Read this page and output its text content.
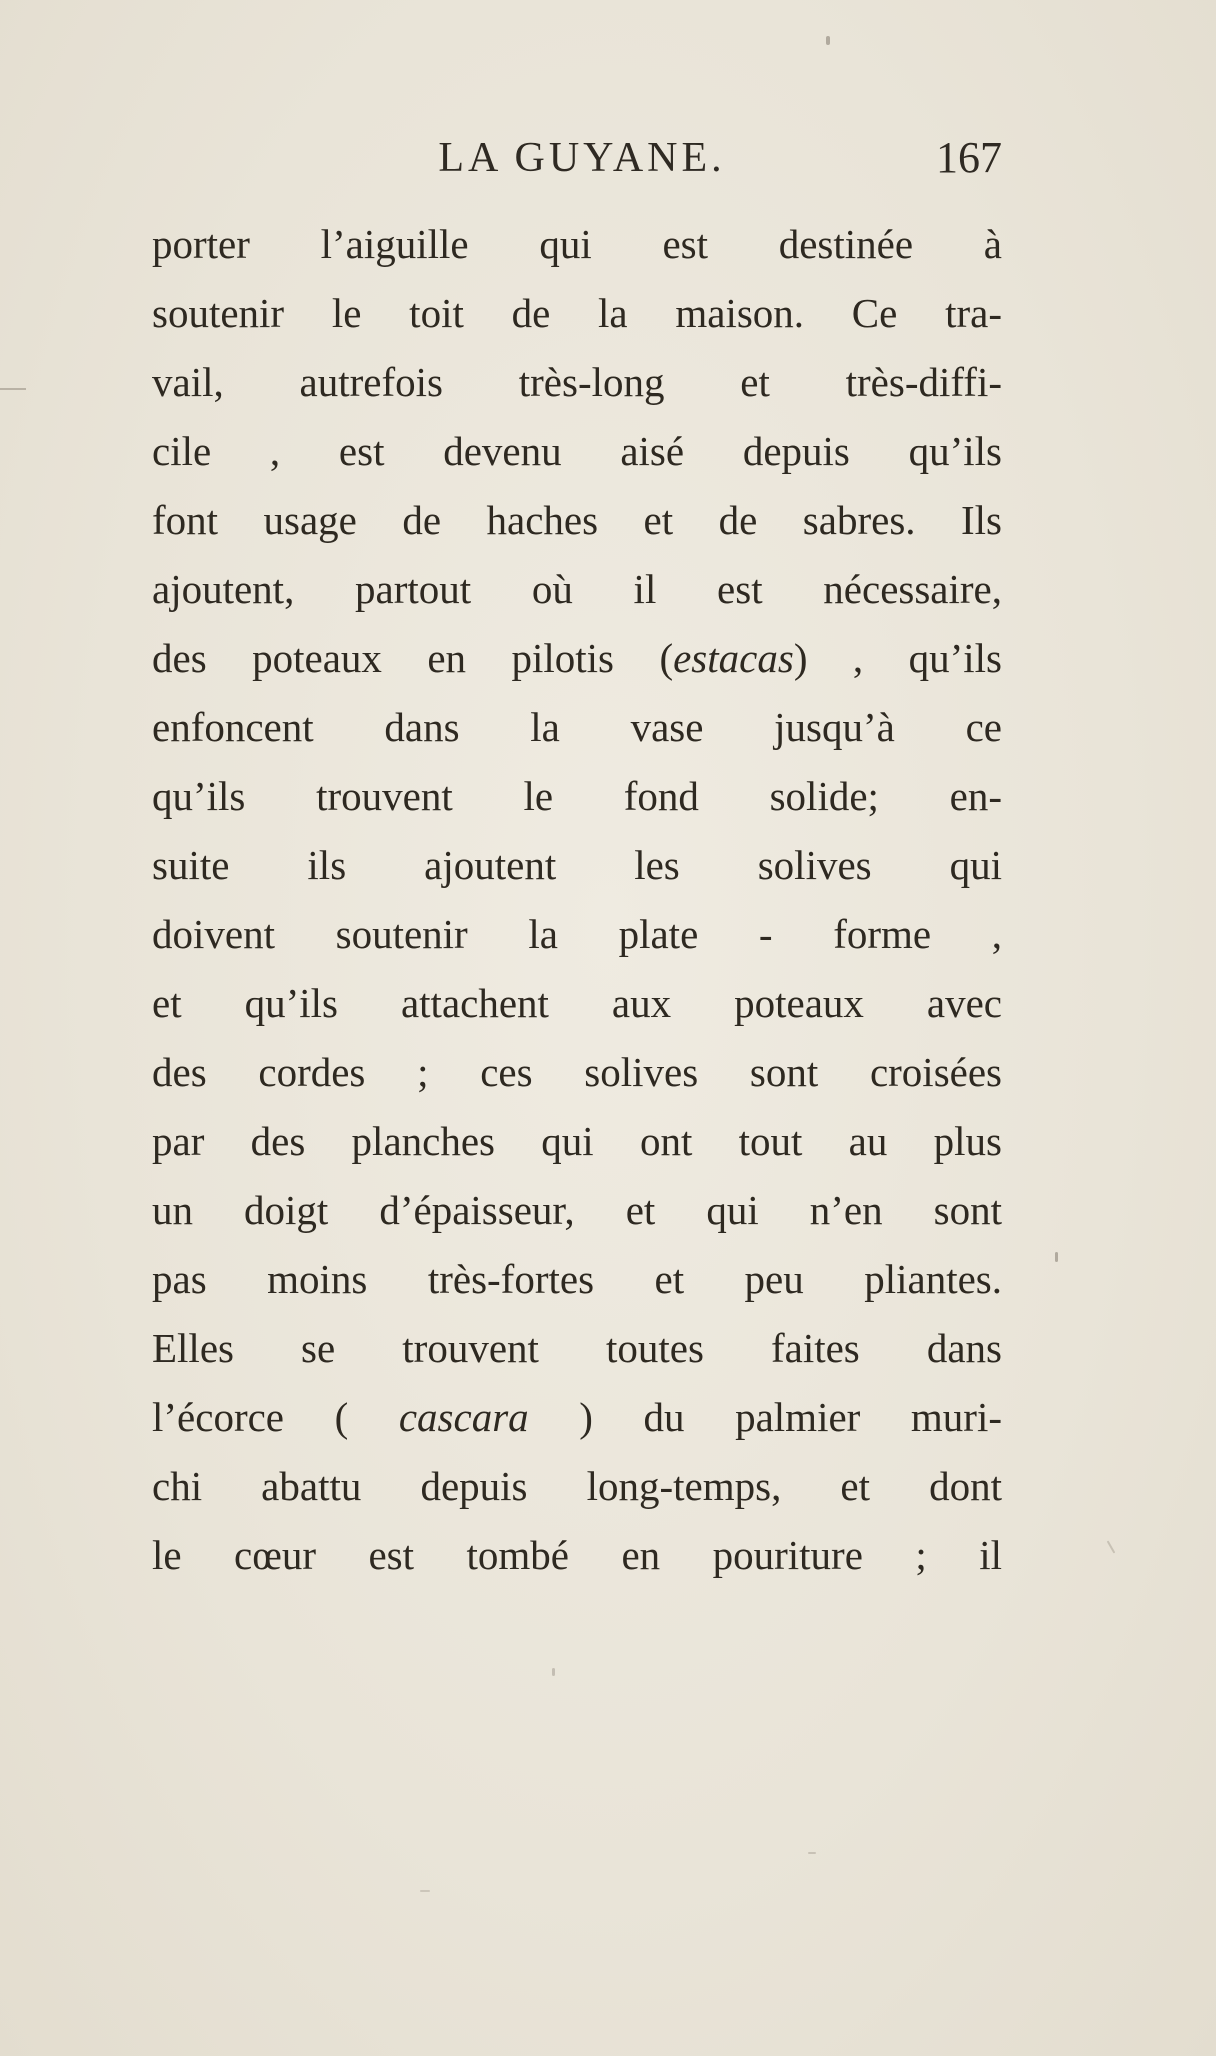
LA GUYANE.	167
porter l’aiguille qui est destinée à
soutenir le toit de la maison. Ce tra-
vail, autrefois très-long et très-diffi-
cile , est devenu aisé depuis qu’ils
font usage de haches et de sabres. Ils
ajoutent, partout où il est nécessaire,
des poteaux en pilotis (estacas) , qu’ils
enfoncent dans la vase jusqu’à ce
qu’ils trouvent le fond solide; en-
suite ils ajoutent les solives qui
doivent soutenir la plate - forme ,
et qu’ils attachent aux poteaux avec
des cordes ; ces solives sont croisées
par des planches qui ont tout au plus
un doigt d’épaisseur, et qui n’en sont
pas moins très-fortes et peu pliantes.
Elles se trouvent toutes faites dans
l’écorce ( cascara ) du palmier muri-
chi abattu depuis long-temps, et dont
le cœur est tombé en pouriture ; il
